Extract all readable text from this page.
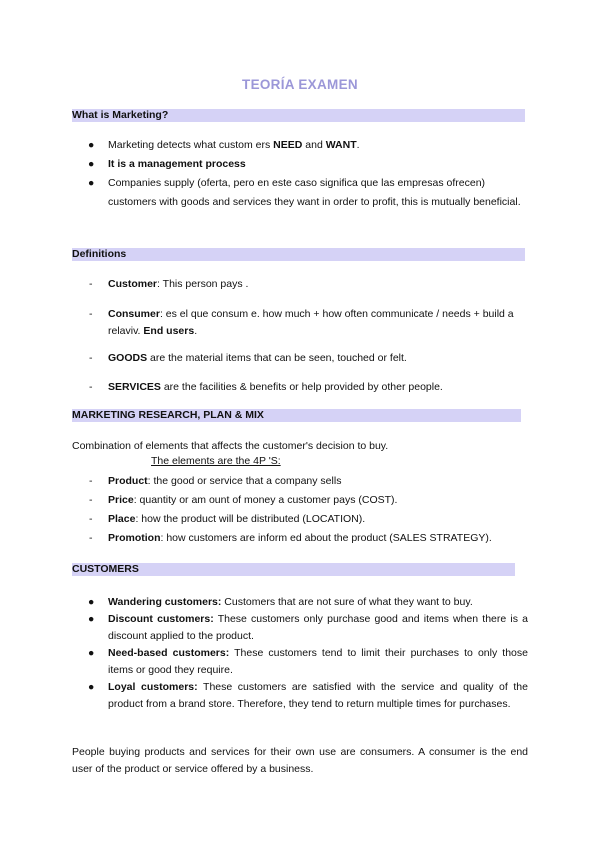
TEORÍA EXAMEN
What is Marketing?
● Marketing detects what custom ers NEED and WANT.
● It is a management process
● Companies supply (oferta, pero en este caso significa que las empresas ofrecen) customers with goods and services they want in order to profit, this is mutually beneficial.
Definitions
- Customer: This person pays .
- Consumer: es el que consum e. how much + how often communicate / needs + build a relaviv. End users.
- GOODS are the material items that can be seen, touched or felt.
- SERVICES are the facilities & benefits or help provided by other people.
MARKETING RESEARCH, PLAN & MIX
Combination of elements that affects the customer's decision to buy.
The elements are the 4P 'S:
- Product: the good or service that a company sells
- Price: quantity or am ount of money a customer pays (COST).
- Place: how the product will be distributed (LOCATION).
- Promotion: how customers are inform ed about the product (SALES STRATEGY).
CUSTOMERS
● Wandering customers: Customers that are not sure of what they want to buy.
● Discount customers: These customers only purchase good and items when there is a discount applied to the product.
● Need-based customers: These customers tend to limit their purchases to only those items or good they require.
● Loyal customers: These customers are satisfied with the service and quality of the product from a brand store. Therefore, they tend to return multiple times for purchases.
People buying products and services for their own use are consumers. A consumer is the end user of the product or service offered by a business.
